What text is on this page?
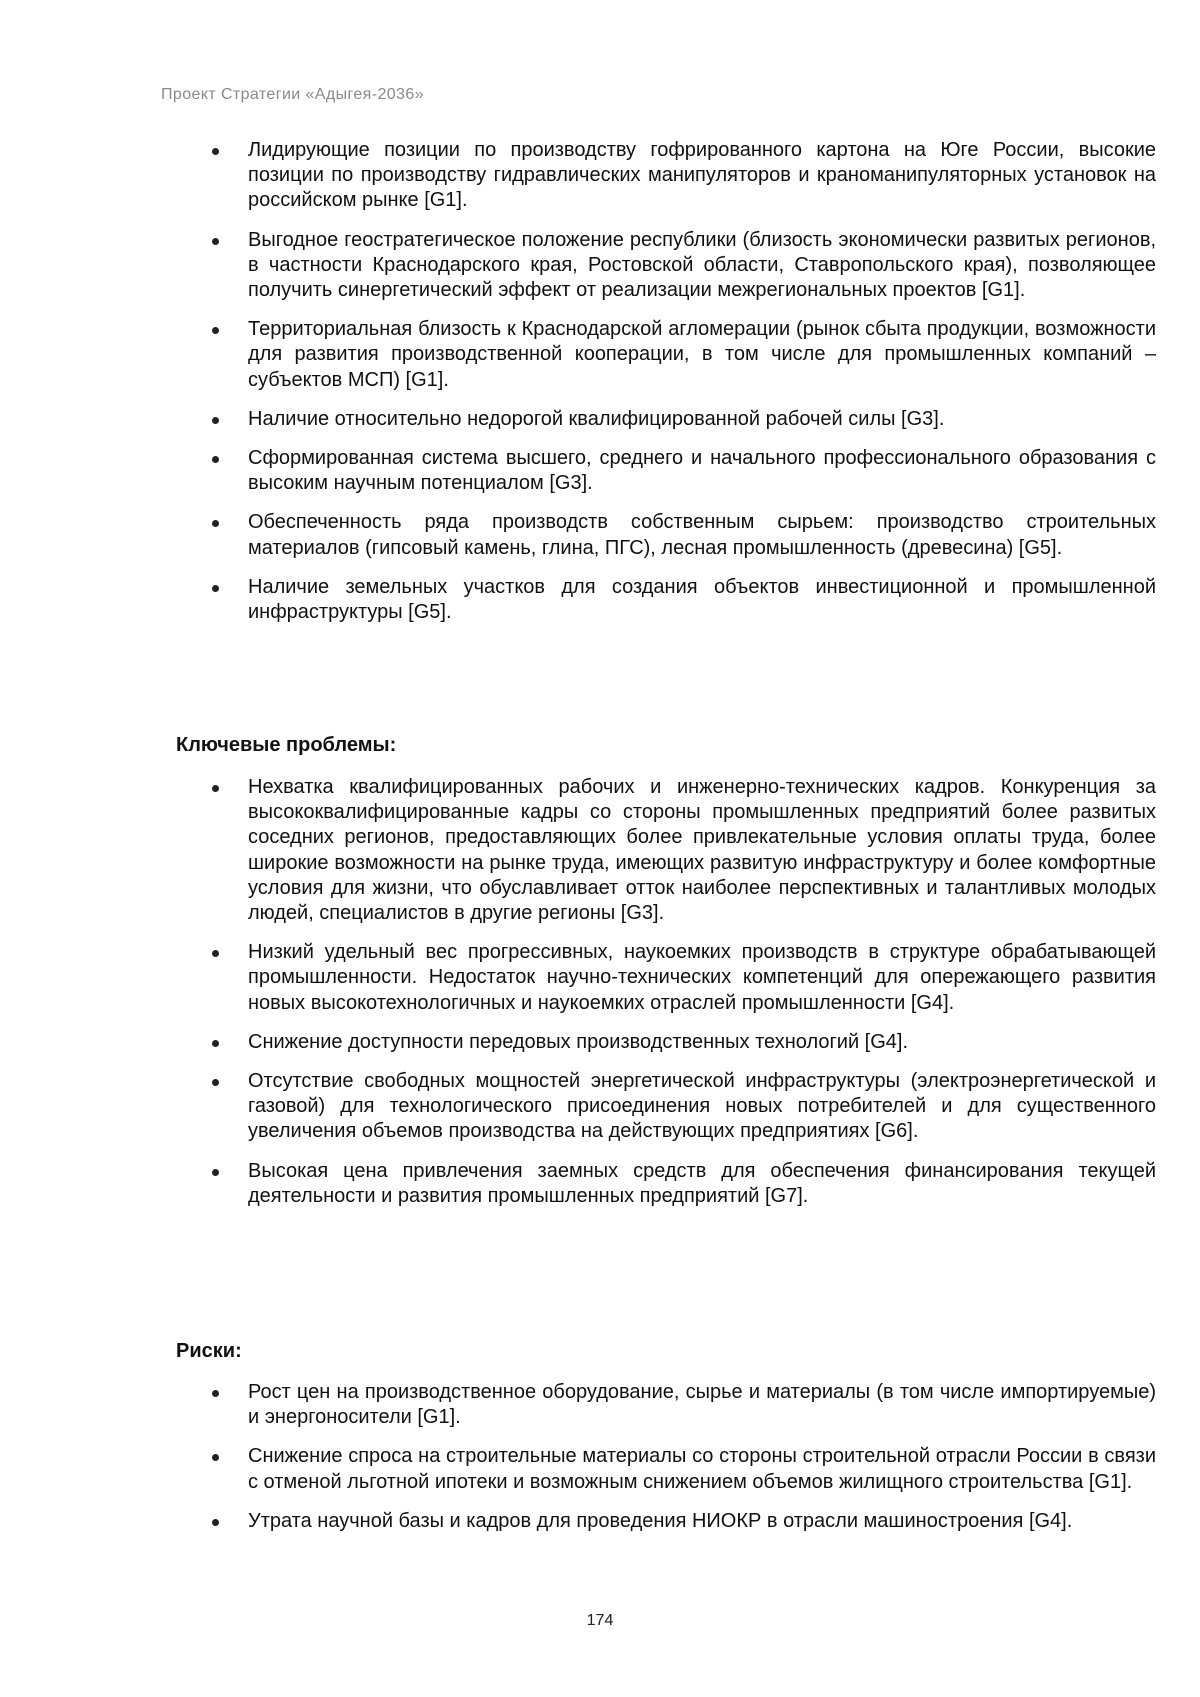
Проект Стратегии «Адыгея-2036»
Лидирующие позиции по производству гофрированного картона на Юге России, высокие позиции по производству гидравлических манипуляторов и краноманипуляторных установок на российском рынке [G1].
Выгодное геостратегическое положение республики (близость экономически развитых регионов, в частности Краснодарского края, Ростовской области, Ставропольского края), позволяющее получить синергетический эффект от реализации межрегиональных проектов [G1].
Территориальная близость к Краснодарской агломерации (рынок сбыта продукции, возможности для развития производственной кооперации, в том числе для промышленных компаний – субъектов МСП) [G1].
Наличие относительно недорогой квалифицированной рабочей силы [G3].
Сформированная система высшего, среднего и начального профессионального образования с высоким научным потенциалом [G3].
Обеспеченность ряда производств собственным сырьем: производство строительных материалов (гипсовый камень, глина, ПГС), лесная промышленность (древесина) [G5].
Наличие земельных участков для создания объектов инвестиционной и промышленной инфраструктуры [G5].
Ключевые проблемы:
Нехватка квалифицированных рабочих и инженерно-технических кадров. Конкуренция за высококвалифицированные кадры со стороны промышленных предприятий более развитых соседних регионов, предоставляющих более привлекательные условия оплаты труда, более широкие возможности на рынке труда, имеющих развитую инфраструктуру и более комфортные условия для жизни, что обуславливает отток наиболее перспективных и талантливых молодых людей, специалистов в другие регионы [G3].
Низкий удельный вес прогрессивных, наукоемких производств в структуре обрабатывающей промышленности. Недостаток научно-технических компетенций для опережающего развития новых высокотехнологичных и наукоемких отраслей промышленности [G4].
Снижение доступности передовых производственных технологий [G4].
Отсутствие свободных мощностей энергетической инфраструктуры (электроэнергетической и газовой) для технологического присоединения новых потребителей и для существенного увеличения объемов производства на действующих предприятиях [G6].
Высокая цена привлечения заемных средств для обеспечения финансирования текущей деятельности и развития промышленных предприятий [G7].
Риски:
Рост цен на производственное оборудование, сырье и материалы (в том числе импортируемые) и энергоносители [G1].
Снижение спроса на строительные материалы со стороны строительной отрасли России в связи с отменой льготной ипотеки и возможным снижением объемов жилищного строительства [G1].
Утрата научной базы и кадров для проведения НИОКР в отрасли машиностроения [G4].
174
